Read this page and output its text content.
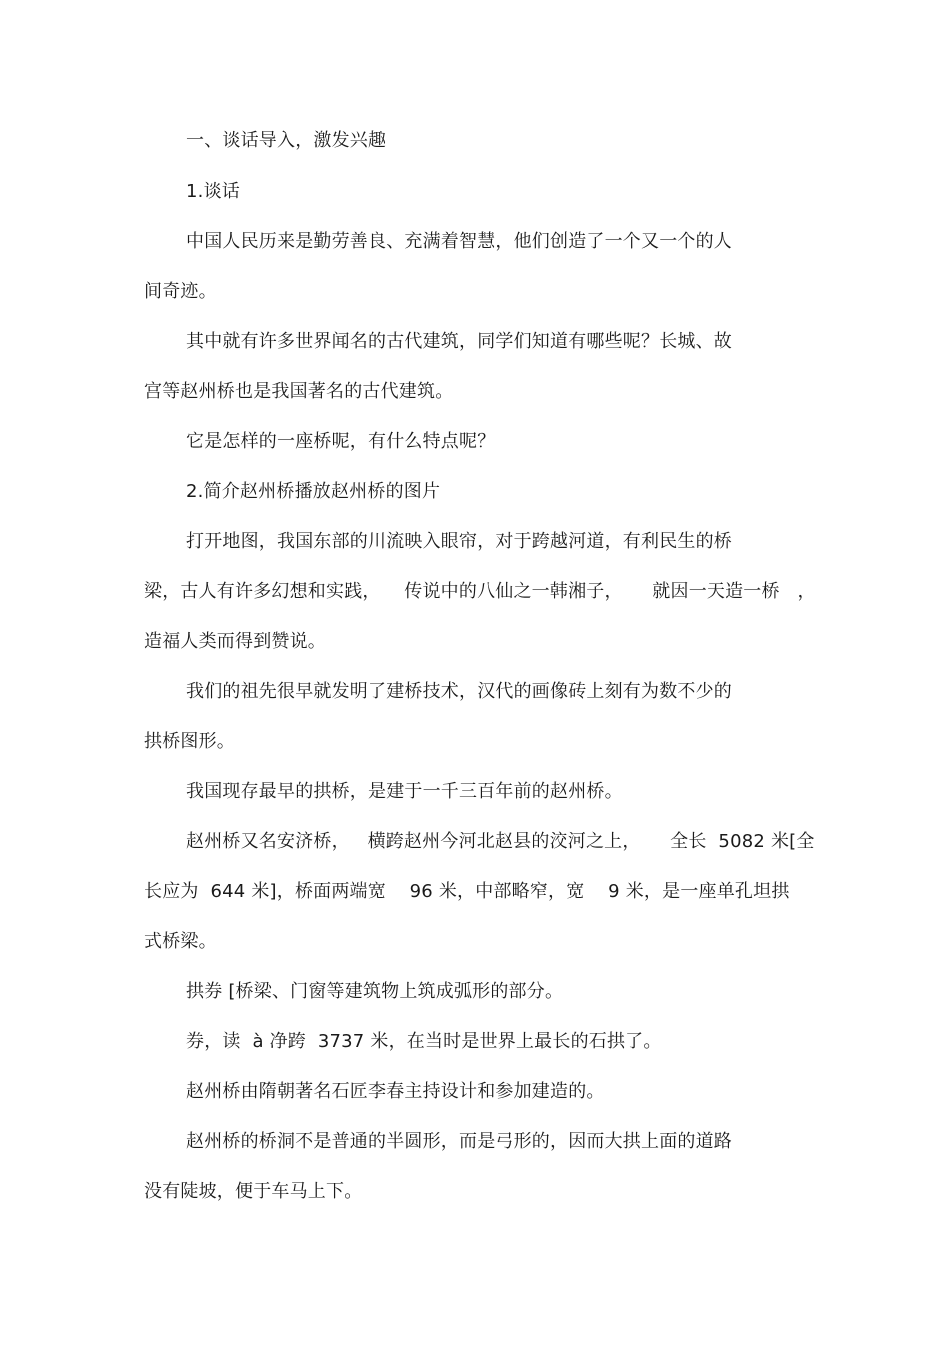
一、谈话导入，激发兴趣
1.谈话
中国人民历来是勤劳善良、充满着智慧，他们创造了一个又一个的人
间奇迹。
其中就有许多世界闻名的古代建筑，同学们知道有哪些呢？长城、故
宫等赵州桥也是我国著名的古代建筑。
它是怎样的一座桥呢，有什么特点呢？
2.简介赵州桥播放赵州桥的图片
打开地图，我国东部的川流映入眼帘，对于跨越河道，有利民生的桥
梁，古人有许多幻想和实践，    传说中的八仙之一韩湘子，     就因一天造一桥   ，
造福人类而得到赞说。
我们的祖先很早就发明了建桥技术，汉代的画像砖上刻有为数不少的
拱桥图形。
我国现存最早的拱桥，是建于一千三百年前的赵州桥。
赵州桥又名安济桥，   横跨赵州今河北赵县的洨河之上，     全长  5082 米[全
长应为  644 米]，桥面两端宽    96 米，中部略窄，宽    9 米，是一座单孔坦拱
式桥梁。
拱券 [桥梁、门窗等建筑物上筑成弧形的部分。
券，读  à 净跨  3737 米，在当时是世界上最长的石拱了。
赵州桥由隋朝著名石匠李春主持设计和参加建造的。
赵州桥的桥洞不是普通的半圆形，而是弓形的，因而大拱上面的道路
没有陡坡，便于车马上下。
